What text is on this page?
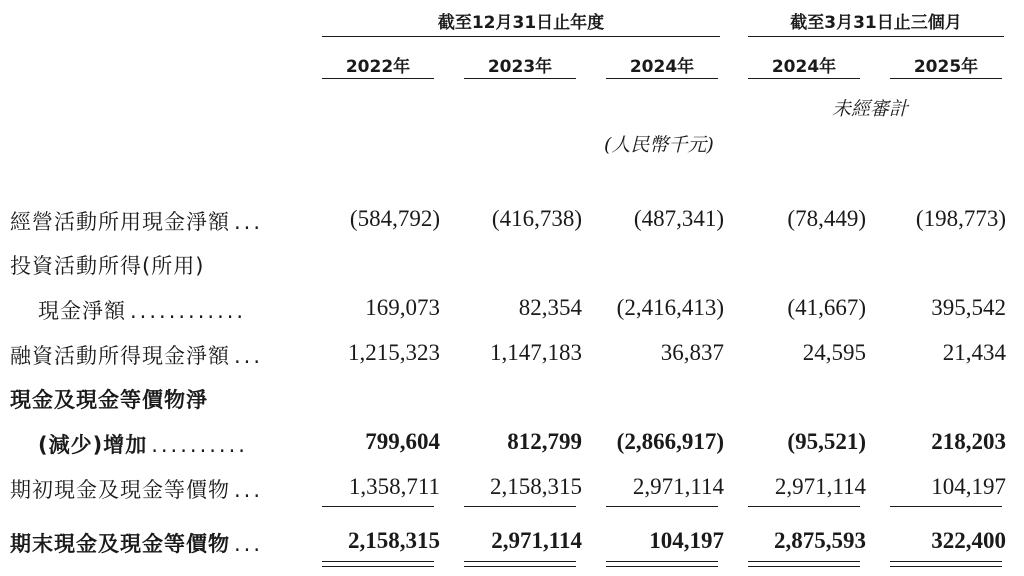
截至12月31日止年度	截至3月31日止三個月
2022年	2023年	2024年	2024年	2025年
未經審計
(人民幣千元)
經營活動所用現金淨額 ...	(584,792)	(416,738)	(487,341)	(78,449)	(198,773)
投資活動所得(所用)
現金淨額 ............	169,073	82,354	(2,416,413)	(41,667)	395,542
融資活動所得現金淨額 ...	1,215,323	1,147,183	36,837	24,595	21,434
現金及現金等價物淨
(減少)增加 ..........	799,604	812,799	(2,866,917)	(95,521)	218,203
期初現金及現金等價物 ...	1,358,711	2,158,315	2,971,114	2,971,114	104,197
期末現金及現金等價物 ...	2,158,315	2,971,114	104,197	2,875,593	322,400
